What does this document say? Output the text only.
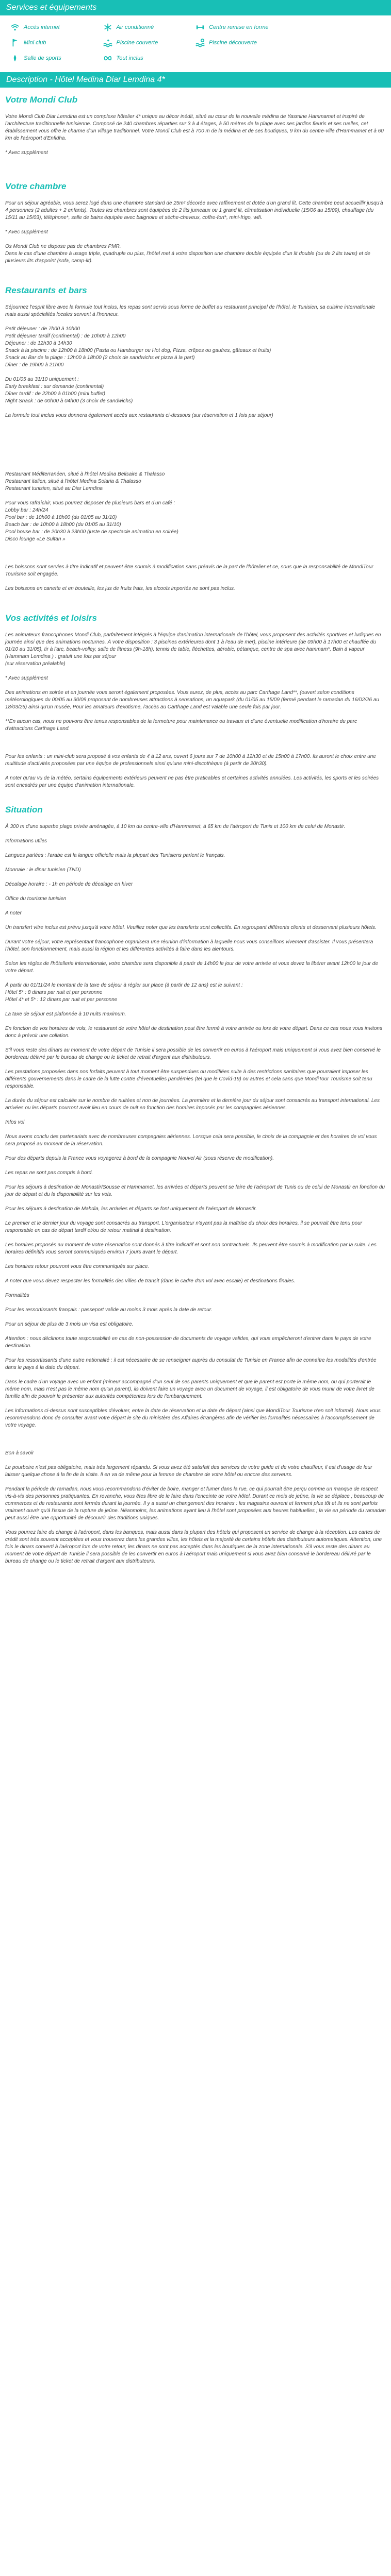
Services et équipements
Accès internet	Air conditionné	Centre remise en forme
Mini club	Piscine couverte	Piscine découverte
Salle de sports	Tout inclus
Description - Hôtel Medina Diar Lemdina 4*
Votre Mondi Club

Votre Mondi Club Diar Lemdina est un complexe hôtelier 4* unique au décor inédit, situé au cœur de la nouvelle médina de Yasmine Hammamet et inspiré de l'architecture traditionnelle tunisienne. Composé de 240 chambres réparties sur 3 à 4 étages, à 50 mètres de la plage avec ses jardins fleuris et ses ruelles, cet établissement vous offre le charme d'un village traditionnel. Votre Mondi Club est à 700 m de la médina et de ses boutiques, 9 km du centre-ville d'Hammamet et à 60 km de l'aéroport d'Enfidha.

* Avec supplément

Votre chambre

Pour un séjour agréable, vous serez logé dans une chambre standard de 25m² décorée avec raffinement et dotée d'un grand lit. Cette chambre peut accueillir jusqu'à 4 personnes (2 adultes + 2 enfants). Toutes les chambres sont équipées de 2 lits jumeaux ou 1 grand lit, climatisation individuelle (15/06 au 15/09), chauffage (du 15/11 au 15/03), téléphone*, salle de bains équipée avec baignoire et sèche-cheveux, coffre-fort*, mini-frigo, wifi.

* Avec supplément

Os Mondi Club ne dispose pas de chambres PMR.

Dans le cas d'une chambre à usage triple, quadruple ou plus, l'hôtel met à votre disposition une chambre double équipée d'un lit double (ou de 2 lits twins) et de plusieurs lits d'appoint (sofa, camp-lit).

Restaurants et bars

Séjournez l'esprit libre avec la formule tout inclus, les repas sont servis sous forme de buffet au restaurant principal de l'hôtel, le Tunisien, sa cuisine internationale mais aussi spécialités locales servent à l'honneur.

Petit déjeuner : de 7h00 à 10h00

Petit déjeuner tardif (continental) : de 10h00 à 12h00

Déjeuner : de 12h30 à 14h30

Snack à la piscine : de 12h00 à 18h00 (Pasta ou Hamburger ou Hot dog, Pizza, crêpes ou gaufres, gâteaux et fruits)

Snack au Bar de la plage : 12h00 à 18h00 (2 choix de sandwichs et pizza à la part)

Dîner : de 19h00 à 21h00

Du 01/05 au 31/10 uniquement :

Early breakfast : sur demande (continental)

Dîner tardif : de 22h00 à 01h00 (mini buffet)

Night Snack : de 00h00 à 04h00 (3 choix de sandwichs)

La formule tout inclus vous donnera également accès aux restaurants ci-dessous (sur réservation et 1 fois par séjour)

Restaurant Méditerranéen, situé à l'hôtel Medina Belisaire & Thalasso

Restaurant italien, situé à l'hôtel Medina Solaria & Thalasso

Restaurant tunisien, situé au Diar Lemdina

Pour vous rafraîchir, vous pourrez disposer de plusieurs bars et d'un café :

Lobby bar : 24h/24

Pool bar : de 10h00 à 18h00 (du 01/05 au 31/10)

Beach bar : de 10h00 à 18h00 (du 01/05 au 31/10)

Pool house bar : de 20h30 à 23h00 (juste de spectacle animation en soirée)

Disco lounge «Le Sultan »

Les boissons sont servies à titre indicatif et peuvent être soumis à modification sans préavis de la part de l'hôtelier et ce, sous que la responsabilité de MondiTour Tourisme soit engagée.

Les boissons en canette et en bouteille, les jus de fruits frais, les alcools importés ne sont pas inclus.

Vos activités et loisirs

Les animateurs francophones Mondi Club, parfaitement intégrés à l'équipe d'animation internationale de l'hôtel, vous proposent des activités sportives et ludiques en journée ainsi que des animations nocturnes. À votre disposition : 3 piscines extérieures dont 1 à l'eau de mer), piscine intérieure (de 09h00 à 17h00 et chauffée du 01/10 au 31/05), tir à l'arc, beach-volley, salle de fitness (9h-18h), tennis de table, fléchettes, aérobic, pétanque, centre de spa avec hammam*, Bain à vapeur (Hammam Lemdina ) : gratuit une fois par séjour

(sur réservation préalable)

* Avec supplément

Des animations en soirée et en journée vous seront également proposées. Vous aurez, de plus, accès au parc Carthage Land**, (ouvert selon conditions météorologiques du 00/05 au 30/09 proposant de nombreuses attractions à sensations, un aquapark (du 01/05 au 15/09 (fermé pendant le ramadan du 16/02/26 au 18/03/26) ainsi qu'un musée, Pour les amateurs d'exotisme, l'accès au Carthage Land est valable une seule fois par jour.

**En aucun cas, nous ne pouvons être tenus responsables de la fermeture pour maintenance ou travaux et d'une éventuelle modification d'horaire du parc d'attractions Carthage Land.

Pour les enfants : un mini-club sera proposé à vos enfants de 4 à 12 ans, ouvert 6 jours sur 7 de 10h00 à 12h30 et de 15h00 à 17h00. Ils auront le choix entre une multitude d'activités proposées par une équipe de professionnels ainsi qu'une mini-discothèque (à partir de 20h30).

A noter qu'au vu de la météo, certains équipements extérieurs peuvent ne pas être praticables et certaines activités annulées. Les activités, les sports et les soirées sont encadrés par une équipe d'animation internationale.

Situation

À 300 m d'une superbe plage privée aménagée, à 10 km du centre-ville d'Hammamet, à 65 km de l'aéroport de Tunis et 100 km de celui de Monastir.

Informations utiles

Langues parlées : l'arabe est la langue officielle mais la plupart des Tunisiens parlent le français.

Monnaie : le dinar tunisien (TND)

Décalage horaire : - 1h en période de décalage en hiver

Office du tourisme tunisien

A noter

Un transfert vitre inclus est prévu jusqu'à votre hôtel. Veuillez noter que les transferts sont collectifs. En regroupant différents clients et desservant plusieurs hôtels.

Durant votre séjour, votre représentant francophone organisera une réunion d'information à laquelle nous vous conseillons vivement d'assister. Il vous présentera l'hôtel, son fonctionnement, mais aussi la région et les différentes activités à faire dans les alentours.

Selon les règles de l'hôtellerie internationale, votre chambre sera disponible à partir de 14h00 le jour de votre arrivée et vous devez la libérer avant 12h00 le jour de votre départ.

À partir du 01/11/24 le montant de la taxe de séjour à régler sur place (à partir de 12 ans) est le suivant :

Hôtel 5* : 8 dinars par nuit et par personne

Hôtel 4* et 5* : 12 dinars par nuit et par personne

La taxe de séjour est plafonnée à 10 nuits maximum.

En fonction de vos horaires de vols, le restaurant de votre hôtel de destination peut être fermé à votre arrivée ou lors de votre départ. Dans ce cas nous vous invitons donc à prévoir une collation.

S'il vous reste des dinars au moment de votre départ de Tunisie il sera possible de les convertir en euros à l'aéroport mais uniquement si vous avez bien conservé le bordereau délivré par le bureau de change ou le ticket de retrait d'argent aux distributeurs.

Les prestations proposées dans nos forfaits peuvent à tout moment être suspendues ou modifiées suite à des restrictions sanitaires que pourraient imposer les différents gouvernements dans le cadre de la lutte contre d'éventuelles pandémies (tel que le Covid-19) ou autres et cela sans que MondiTour Tourisme soit tenu responsable.

La durée du séjour est calculée sur le nombre de nuitées et non de journées. La première et la dernière jour du séjour sont consacrés au transport international. Les arrivées ou les départs pourront avoir lieu en cours de nuit en fonction des horaires imposés par les compagnies aériennes.

Infos vol

Nous avons conclu des partenariats avec de nombreuses compagnies aériennes. Lorsque cela sera possible, le choix de la compagnie et des horaires de vol vous sera proposé au moment de la réservation.

Pour des départs depuis la France vous voyagerez à bord de la compagnie Nouvel Air (sous réserve de modification).

Les repas ne sont pas compris à bord.

Pour les séjours à destination de Monastir/Sousse et Hammamet, les arrivées et départs peuvent se faire de l'aéroport de Tunis ou de celui de Monastir en fonction du jour de départ et du la disponibilité sur les vols.

Pour les séjours à destination de Mahdia, les arrivées et départs se font uniquement de l'aéroport de Monastir.

Le premier et le dernier jour du voyage sont consacrés au transport. L'organisateur n'ayant pas la maîtrise du choix des horaires, il se pourrait être tenu pour responsable en cas de départ tardif et/ou de retour matinal à destination.

Les horaires proposés au moment de votre réservation sont donnés à titre indicatif et sont non contractuels. Ils peuvent être soumis à modification par la suite. Les horaires définitifs vous seront communiqués environ 7 jours avant le départ.

Les horaires retour pourront vous être communiqués sur place.

A noter que vous devez respecter les formalités des villes de transit (dans le cadre d'un vol avec escale) et destinations finales.

Formalités

Pour les ressortissants français : passeport valide au moins 3 mois après la date de retour.

Pour un séjour de plus de 3 mois un visa est obligatoire.

Attention : nous déclinons toute responsabilité en cas de non-possession de documents de voyage valides, qui vous empêcheront d'entrer dans le pays de votre destination.

Pour les ressortissants d'une autre nationalité : il est nécessaire de se renseigner auprès du consulat de Tunisie en France afin de connaître les modalités d'entrée dans le pays à la date du départ.

Dans le cadre d'un voyage avec un enfant (mineur accompagné d'un seul de ses parents uniquement et que le parent est porte le même nom, ou qui porterait le même nom, mais n'est pas le même nom qu'un parent), ils doivent faire un voyage avec un document de voyage, il est obligatoire de vous munir de votre livret de famille afin de pouvoir le présenter aux autorités compétentes lors de l'embarquement.

Les informations ci-dessus sont susceptibles d'évoluer, entre la date de réservation et la date de départ (ainsi que MondiTour Tourisme n'en soit informé). Nous vous recommandons donc de consulter avant votre départ le site du ministère des Affaires étrangères afin de vérifier les formalités nécessaires à l'accomplissement de votre voyage.

Bon à savoir

Le pourboire n'est pas obligatoire, mais très largement répandu. Si vous avez été satisfait des services de votre guide et de votre chauffeur, il est d'usage de leur laisser quelque chose à la fin de la visite. Il en va de même pour la femme de chambre de votre hôtel ou encore des serveurs.

Pendant la période du ramadan, nous vous recommandons d'éviter de boire, manger et fumer dans la rue, ce qui pourrait être perçu comme un manque de respect vis-à-vis des personnes pratiquantes. En revanche, vous êtes libre de le faire dans l'enceinte de votre hôtel. Durant ce mois de jeûne, la vie se déplace ; beaucoup de commerces et de restaurants sont fermés durant la journée. Il y a aussi un changement des horaires : les magasins ouvrent et ferment plus tôt et ils ne sont parfois vraiment ouvrir qu'à l'issue de la rupture de jeûne. Néanmoins, les animations ayant lieu à l'hôtel sont proposées aux heures habituelles ; la vie en période du ramadan peut aussi être une opportunité de découvrir des traditions uniques.

Vous pourrez faire du change à l'aéroport, dans les banques, mais aussi dans la plupart des hôtels qui proposent un service de change à la réception. Les cartes de crédit sont très souvent acceptées et vous trouverez dans les grandes villes, les hôtels et la majorité de certains hôtels des distributeurs automatiques. Attention, une fois le dinars converti à l'aéroport lors de votre retour, les dinars ne sont pas acceptés dans les boutiques de la zone internationale. S'il vous reste des dinars au moment de votre départ de Tunisie il sera possible de les convertir en euros à l'aéroport mais uniquement si vous avez bien conservé le bordereau délivré par le bureau de change ou le ticket de retrait d'argent aux distributeurs.
